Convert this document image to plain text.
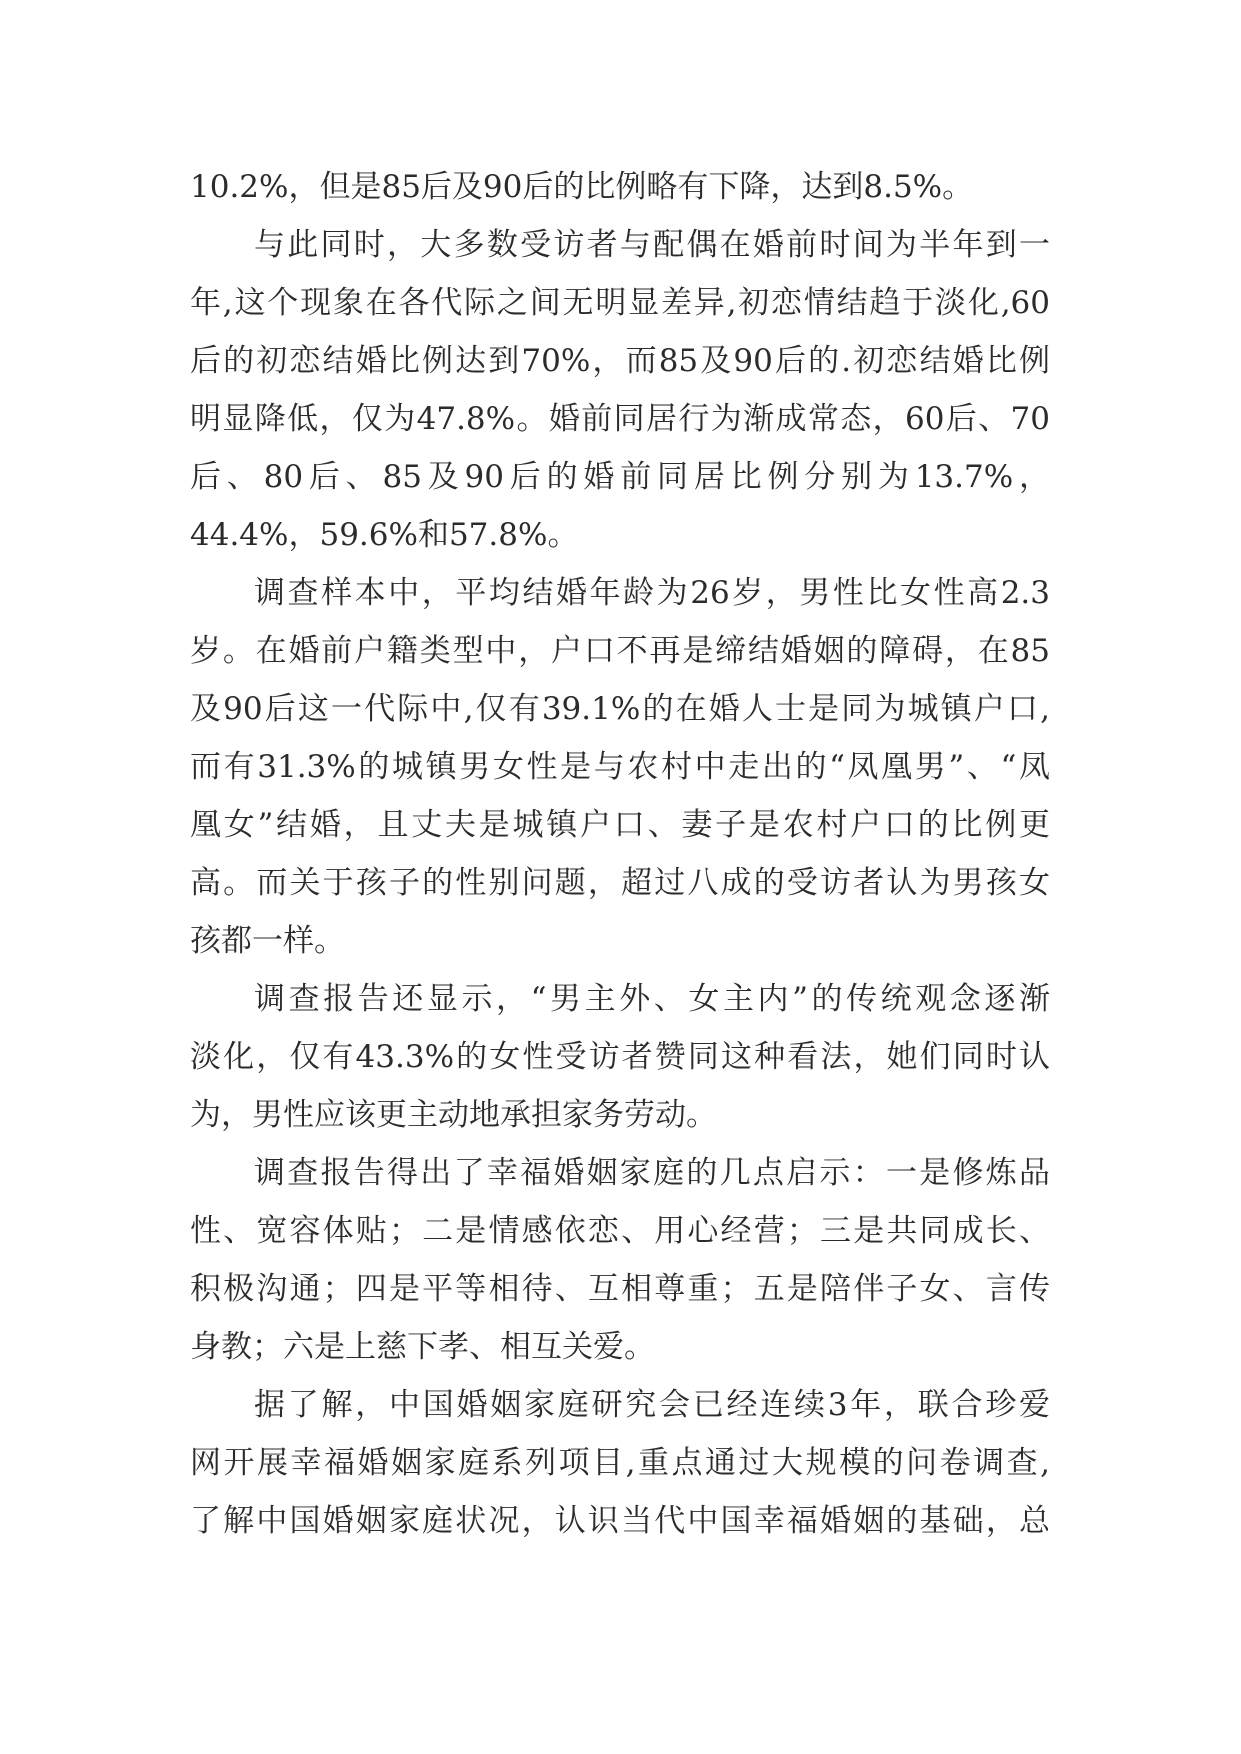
10.2%，但是85后及90后的比例略有下降，达到8.5%。
与此同时，大多数受访者与配偶在婚前时间为半年到一
年,这个现象在各代际之间无明显差异,初恋情结趋于淡化,60
后的初恋结婚比例达到70%，而85及90后的.初恋结婚比例
明显降低，仅为47.8%。婚前同居行为渐成常态，60后、70
后、80后、85及90后的婚前同居比例分别为13.7%，
44.4%，59.6%和57.8%。
调查样本中，平均结婚年龄为26岁，男性比女性高2.3
岁。在婚前户籍类型中，户口不再是缔结婚姻的障碍，在85
及90后这一代际中,仅有39.1%的在婚人士是同为城镇户口,
而有31.3%的城镇男女性是与农村中走出的“凤凰男”、“凤
凰女”结婚，且丈夫是城镇户口、妻子是农村户口的比例更
高。而关于孩子的性别问题，超过八成的受访者认为男孩女
孩都一样。
调查报告还显示，“男主外、女主内”的传统观念逐渐
淡化，仅有43.3%的女性受访者赞同这种看法，她们同时认
为，男性应该更主动地承担家务劳动。
调查报告得出了幸福婚姻家庭的几点启示：一是修炼品
性、宽容体贴；二是情感依恋、用心经营；三是共同成长、
积极沟通；四是平等相待、互相尊重；五是陪伴子女、言传
身教；六是上慈下孝、相互关爱。
据了解，中国婚姻家庭研究会已经连续3年，联合珍爱
网开展幸福婚姻家庭系列项目,重点通过大规模的问卷调查,
了解中国婚姻家庭状况，认识当代中国幸福婚姻的基础，总
